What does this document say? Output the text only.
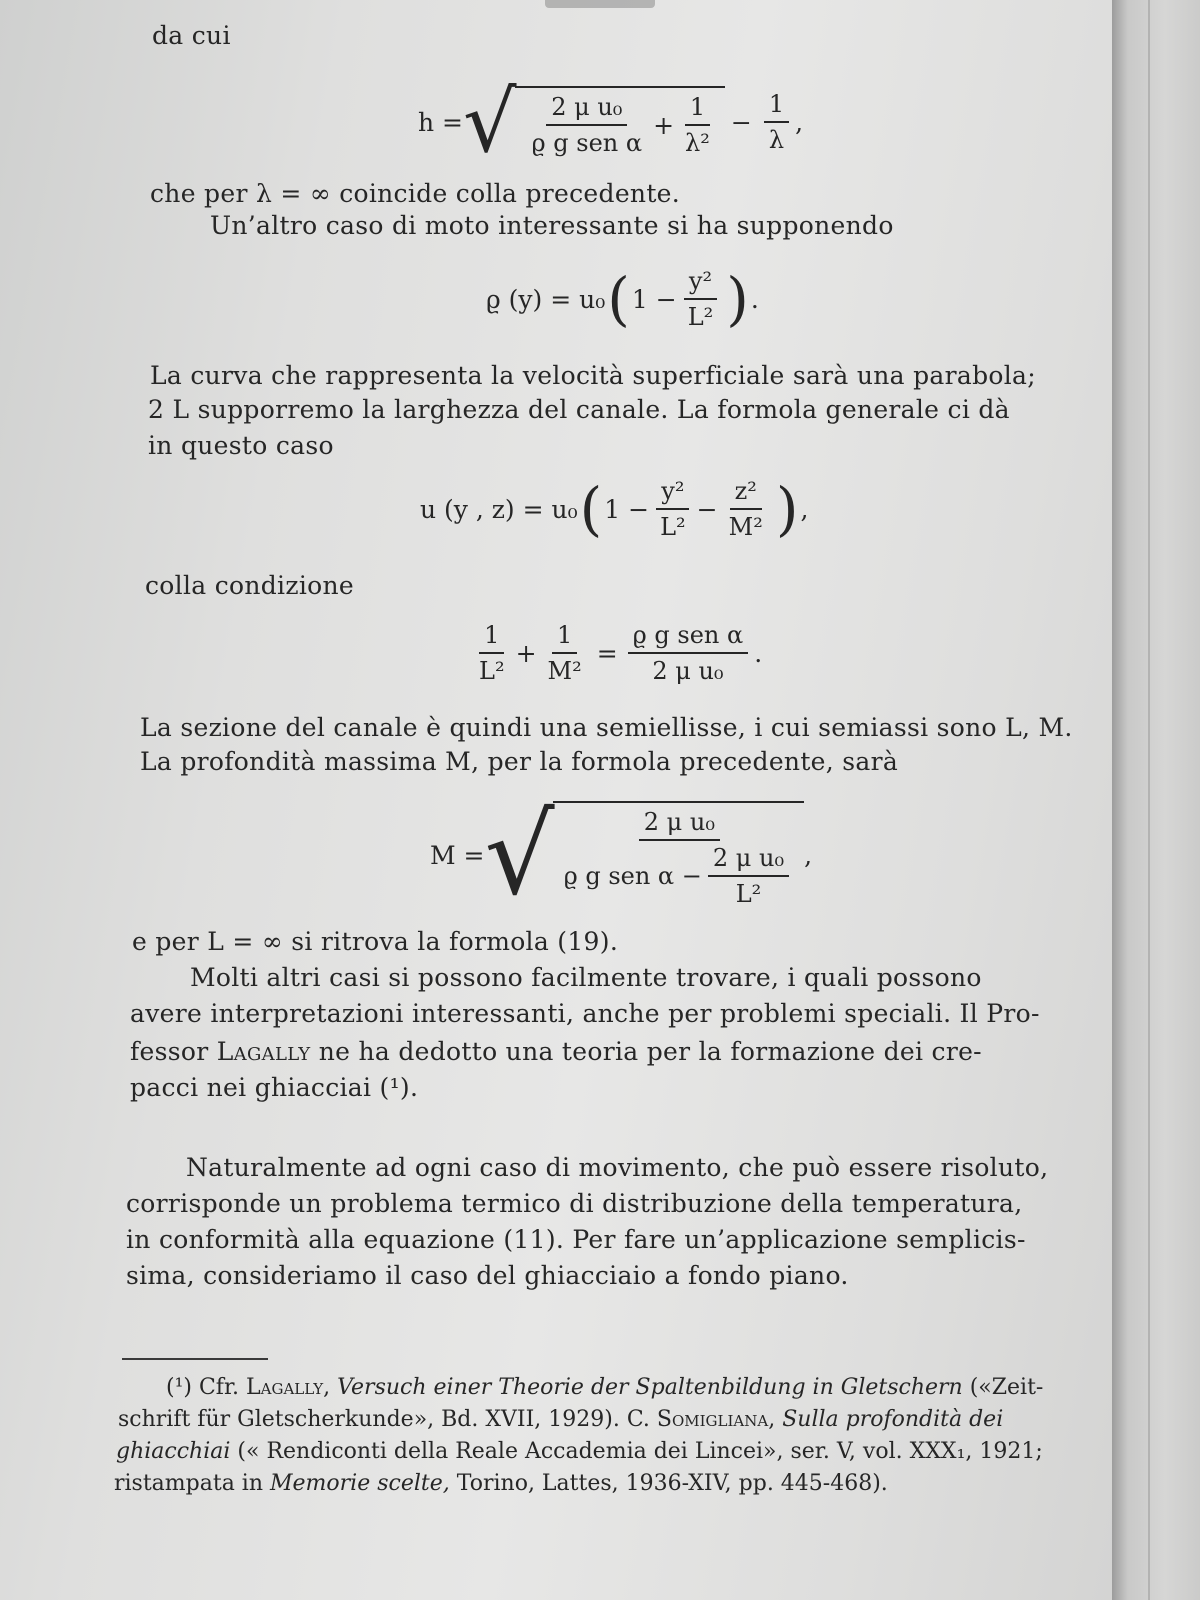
da cui
h = √ $\frac{\text{2 μ u₀}}{\text{ϱ g sen α}} + \frac{1}{\text{λ²}} - \frac{1}{\lambda}$ ,
che per λ = ∞ coincide colla precedente.
Un’altro caso di moto interessante si ha supponendo
ϱ (y) = u₀ ( $1 - \frac{\text{y²}}{\text{L²}}$ ) .
La curva che rappresenta la velocità superficiale sarà una parabola;
2 L supporremo la larghezza del canale. La formola generale ci dà
in questo caso
u (y , z) = u₀ ( $1 - \frac{\text{y²}}{\text{L²}} - \frac{\text{z²}}{\text{M²}}$ ) ,
colla condizione
$\frac{1}{\text{L²}} + \frac{1}{\text{M²}} = \frac{\text{ϱ g sen α}}{\text{2 μ u₀}}$ .
La sezione del canale è quindi una semiellisse, i cui semiassi sono L, M.
La profondità massima M, per la formola precedente, sarà
M = √ $\frac{\text{2 μ u₀}}{ϱ g sen \alpha - \frac{\text{2 μ u₀}}{\text{L²}}}$ ,
e per L = ∞ si ritrova la formola (19).
Molti altri casi si possono facilmente trovare, i quali possono
avere interpretazioni interessanti, anche per problemi speciali. Il Pro-
fessor Lagally ne ha dedotto una teoria per la formazione dei cre-
pacci nei ghiacciai (¹).
Naturalmente ad ogni caso di movimento, che può essere risoluto,
corrisponde un problema termico di distribuzione della temperatura,
in conformità alla equazione (11). Per fare un’applicazione semplicis-
sima, consideriamo il caso del ghiacciaio a fondo piano.
(¹) Cfr. Lagally, Versuch einer Theorie der Spaltenbildung in Gletschern («Zeit-
schrift für Gletscherkunde», Bd. XVII, 1929). C. Somigliana, Sulla profondità dei
ghiacchiai (« Rendiconti della Reale Accademia dei Lincei», ser. V, vol. XXX₁, 1921;
ristampata in Memorie scelte, Torino, Lattes, 1936-XIV, pp. 445-468).
